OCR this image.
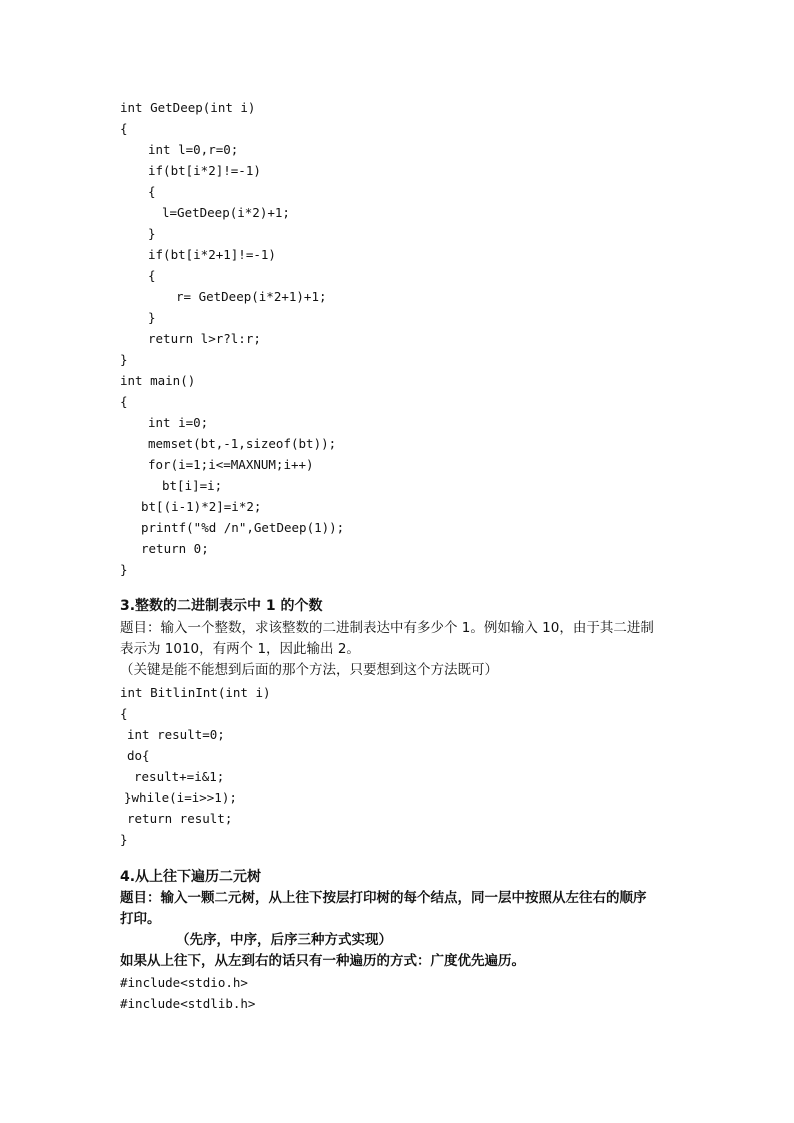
int GetDeep(int i)
{
int l=0,r=0;
if(bt[i*2]!=-1)
{
l=GetDeep(i*2)+1;
}
if(bt[i*2+1]!=-1)
{
r= GetDeep(i*2+1)+1;
}
return l>r?l:r;
}
int main()
{
int i=0;
memset(bt,-1,sizeof(bt));
for(i=1;i<=MAXNUM;i++)
bt[i]=i;
bt[(i-1)*2]=i*2;
printf("%d /n",GetDeep(1));
return 0;
}
3.整数的二进制表示中 1 的个数
题目：输入一个整数，求该整数的二进制表达中有多少个 1。例如输入 10，由于其二进制
表示为 1010，有两个 1，因此输出 2。
（关键是能不能想到后面的那个方法，只要想到这个方法既可）
int BitlinInt(int i)
{
int result=0;
do{
result+=i&1;
}while(i=i>>1);
return result;
}
4.从上往下遍历二元树
题目：输入一颗二元树，从上往下按层打印树的每个结点，同一层中按照从左往右的顺序
打印。
（先序，中序，后序三种方式实现）
如果从上往下，从左到右的话只有一种遍历的方式：广度优先遍历。
#include<stdio.h>
#include<stdlib.h>
